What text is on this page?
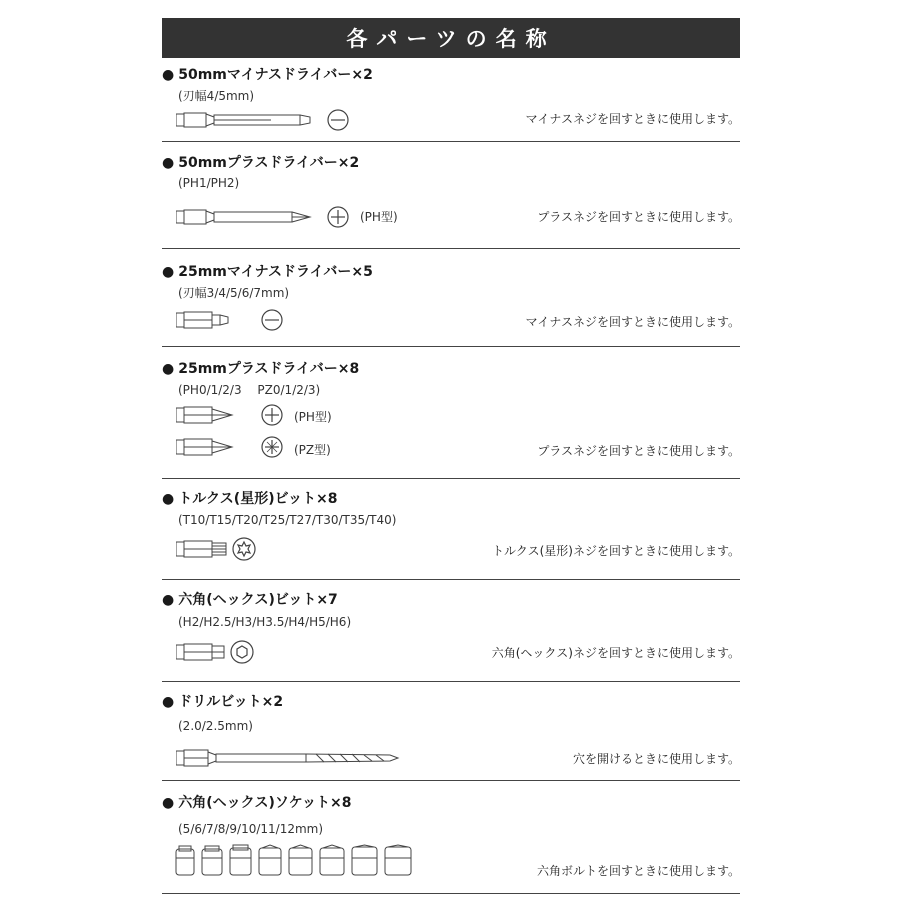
各パーツの名称
● 50mmマイナスドライバー×2
(刃幅4/5mm)
マイナスネジを回すときに使用します。
● 50mmプラスドライバー×2
(PH1/PH2)
(PH型)	プラスネジを回すときに使用します。
● 25mmマイナスドライバー×5
(刃幅3/4/5/6/7mm)
マイナスネジを回すときに使用します。
● 25mmプラスドライバー×8
(PH0/1/2/3　 PZ0/1/2/3)
(PH型)
(PZ型)	プラスネジを回すときに使用します。
● トルクス(星形)ビット×8
(T10/T15/T20/T25/T27/T30/T35/T40)
トルクス(星形)ネジを回すときに使用します。
● 六角(ヘックス)ビット×7
(H2/H2.5/H3/H3.5/H4/H5/H6)
六角(ヘックス)ネジを回すときに使用します。
● ドリルビット×2
(2.0/2.5mm)
穴を開けるときに使用します。
● 六角(ヘックス)ソケット×8
(5/6/7/8/9/10/11/12mm)
六角ボルトを回すときに使用します。
